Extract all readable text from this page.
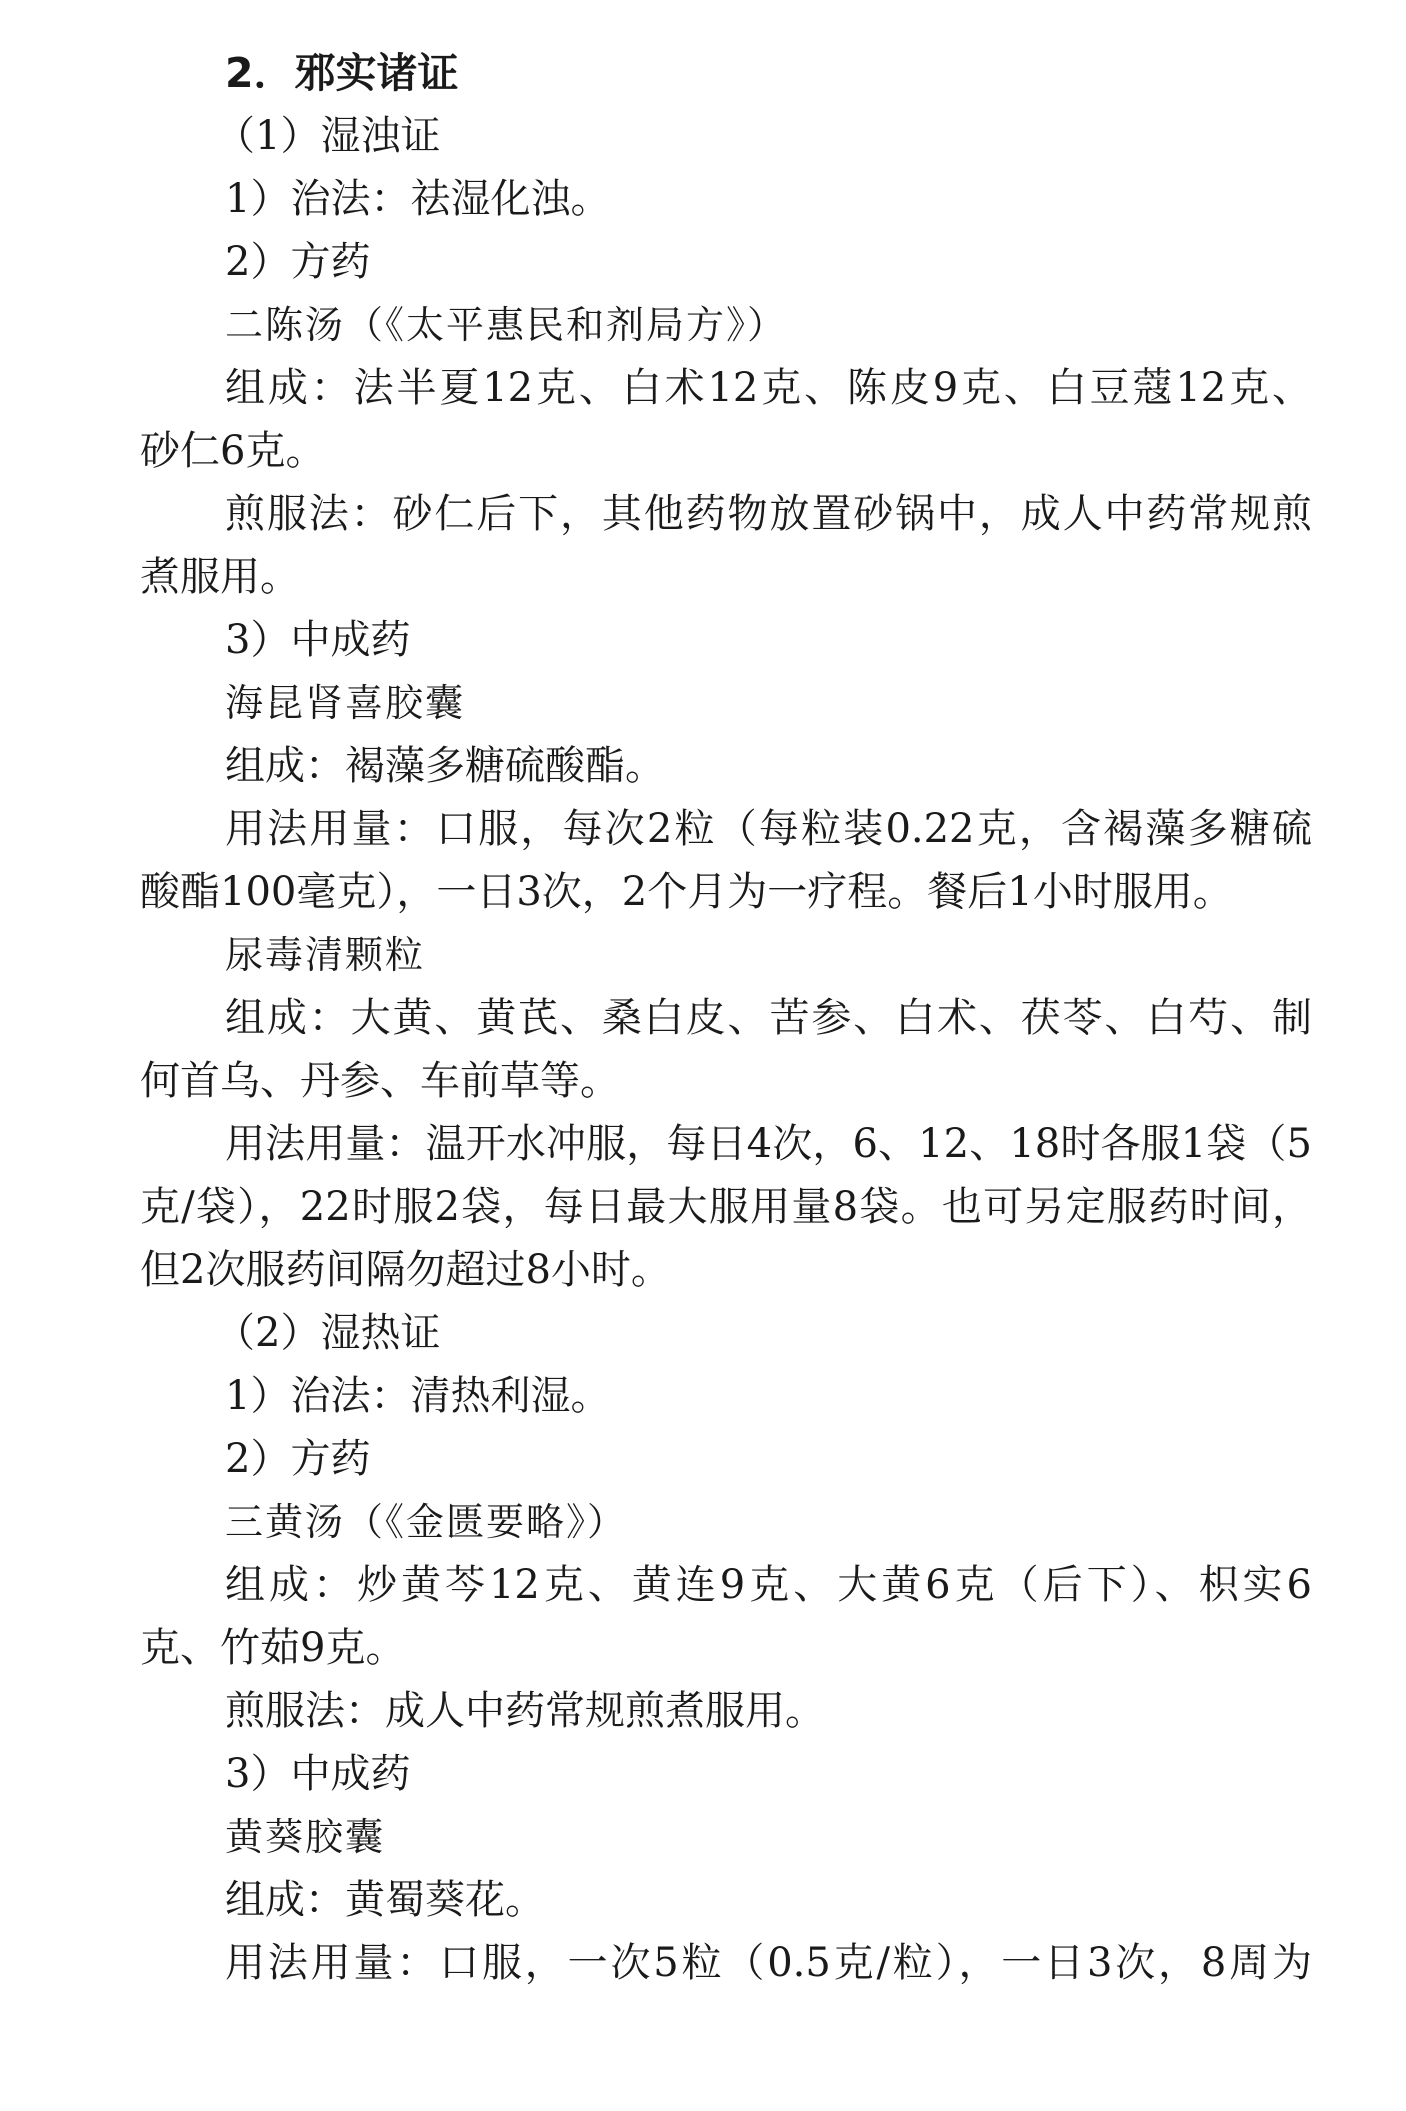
2．邪实诸证
（1）湿浊证
1）治法：祛湿化浊。
2）方药
二陈汤（《太平惠民和剂局方》）
组成：法半夏12克、白术12克、陈皮9克、白豆蔻12克、
砂仁6克。
煎服法：砂仁后下，其他药物放置砂锅中，成人中药常规煎
煮服用。
3）中成药
海昆肾喜胶囊
组成：褐藻多糖硫酸酯。
用法用量：口服，每次2粒（每粒装0.22克，含褐藻多糖硫
酸酯100毫克），一日3次，2个月为一疗程。餐后1小时服用。
尿毒清颗粒
组成：大黄、黄芪、桑白皮、苦参、白术、茯苓、白芍、制
何首乌、丹参、车前草等。
用法用量：温开水冲服，每日4次，6、12、18时各服1袋（5
克/袋），22时服2袋，每日最大服用量8袋。也可另定服药时间，
但2次服药间隔勿超过8小时。
（2）湿热证
1）治法：清热利湿。
2）方药
三黄汤（《金匮要略》）
组成：炒黄芩12克、黄连9克、大黄6克（后下）、枳实6
克、竹茹9克。
煎服法：成人中药常规煎煮服用。
3）中成药
黄葵胶囊
组成：黄蜀葵花。
用法用量：口服，一次5粒（0.5克/粒），一日3次，8周为
